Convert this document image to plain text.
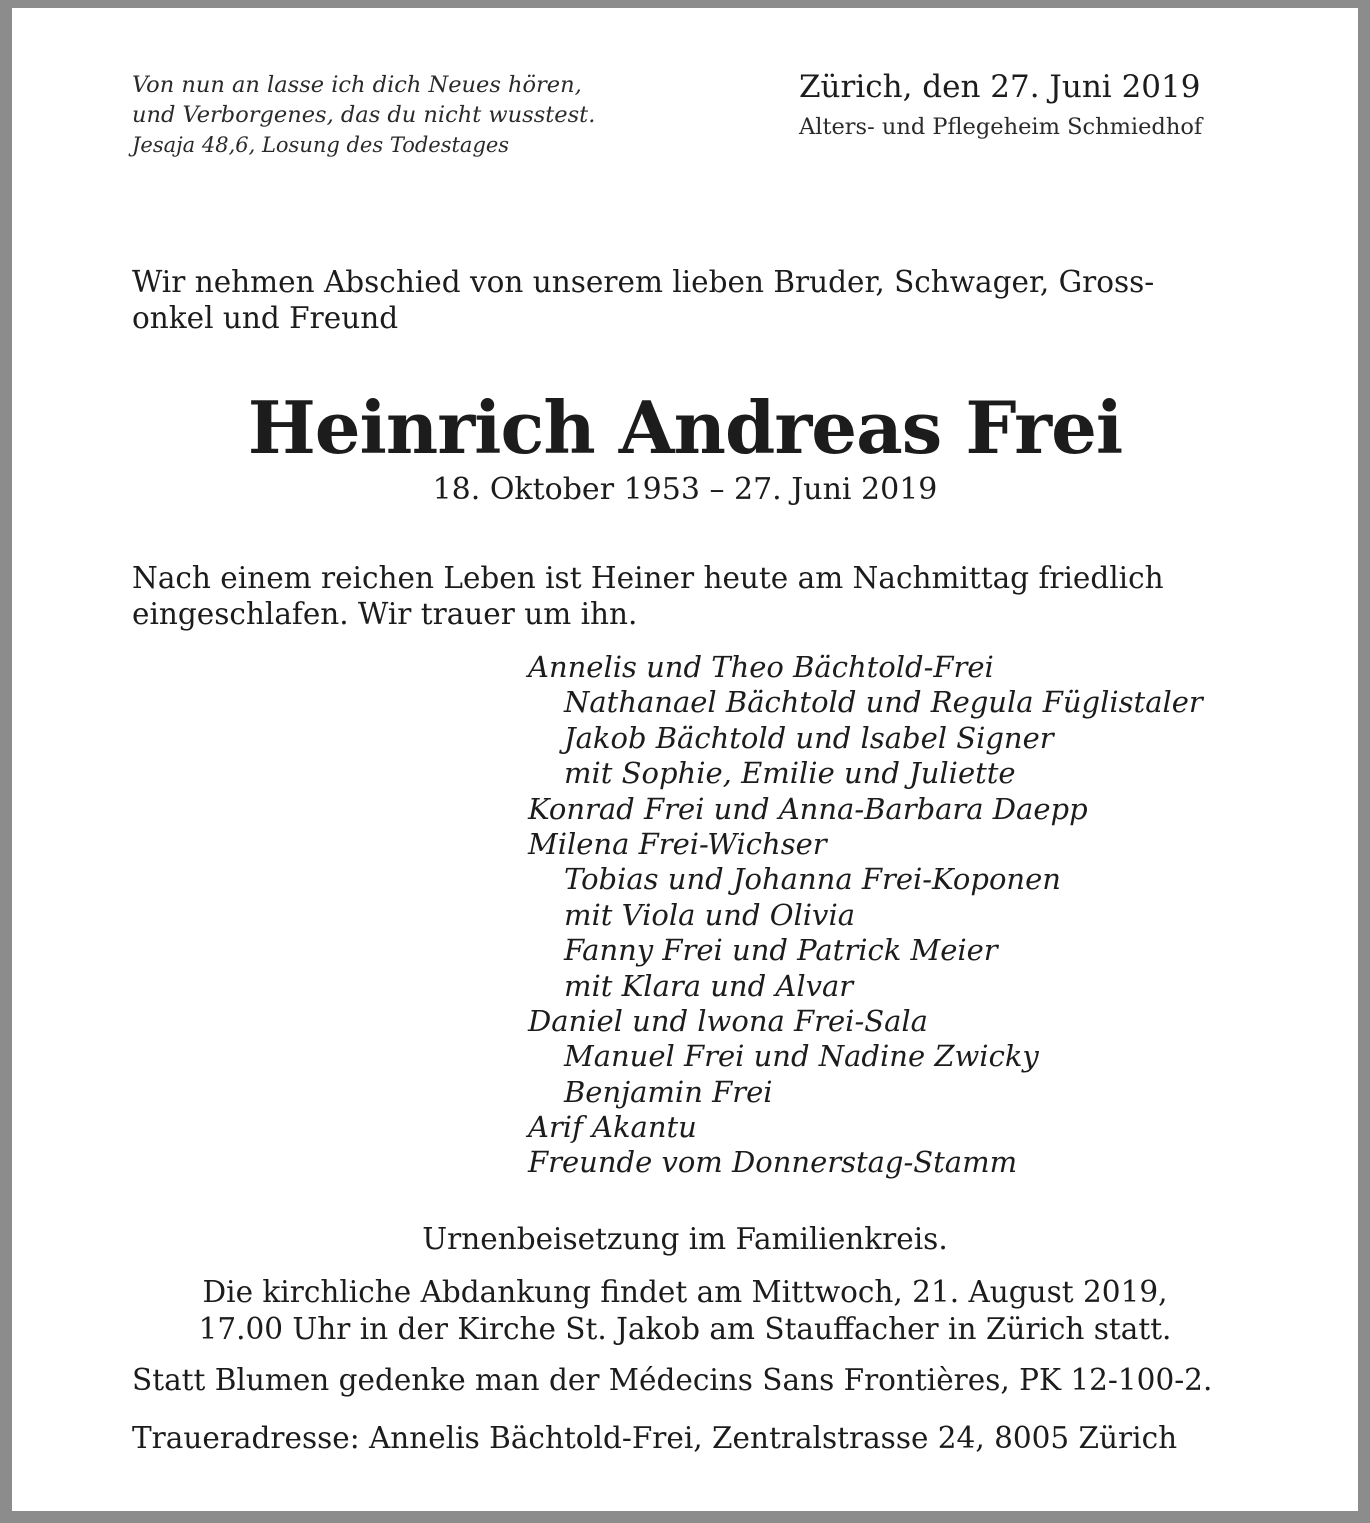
Von nun an lasse ich dich Neues hören,
und Verborgenes, das du nicht wusstest.
Jesaja 48,6, Losung des Todestages
Zürich, den 27. Juni 2019
Alters- und Pflegeheim Schmiedhof
Wir nehmen Abschied von unserem lieben Bruder, Schwager, Gross-
onkel und Freund
Heinrich Andreas Frei
18. Oktober 1953 – 27. Juni 2019
Nach einem reichen Leben ist Heiner heute am Nachmittag friedlich
eingeschlafen. Wir trauer um ihn.
Annelis und Theo Bächtold-Frei
Nathanael Bächtold und Regula Füglistaler
Jakob Bächtold und lsabel Signer
mit Sophie, Emilie und Juliette
Konrad Frei und Anna-Barbara Daepp
Milena Frei-Wichser
Tobias und Johanna Frei-Koponen
mit Viola und Olivia
Fanny Frei und Patrick Meier
mit Klara und Alvar
Daniel und lwona Frei-Sala
Manuel Frei und Nadine Zwicky
Benjamin Frei
Arif Akantu
Freunde vom Donnerstag-Stamm
Urnenbeisetzung im Familienkreis.
Die kirchliche Abdankung findet am Mittwoch, 21. August 2019,
17.00 Uhr in der Kirche St. Jakob am Stauffacher in Zürich statt.
Statt Blumen gedenke man der Médecins Sans Frontières, PK 12-100-2.
Traueradresse: Annelis Bächtold-Frei, Zentralstrasse 24, 8005 Zürich
